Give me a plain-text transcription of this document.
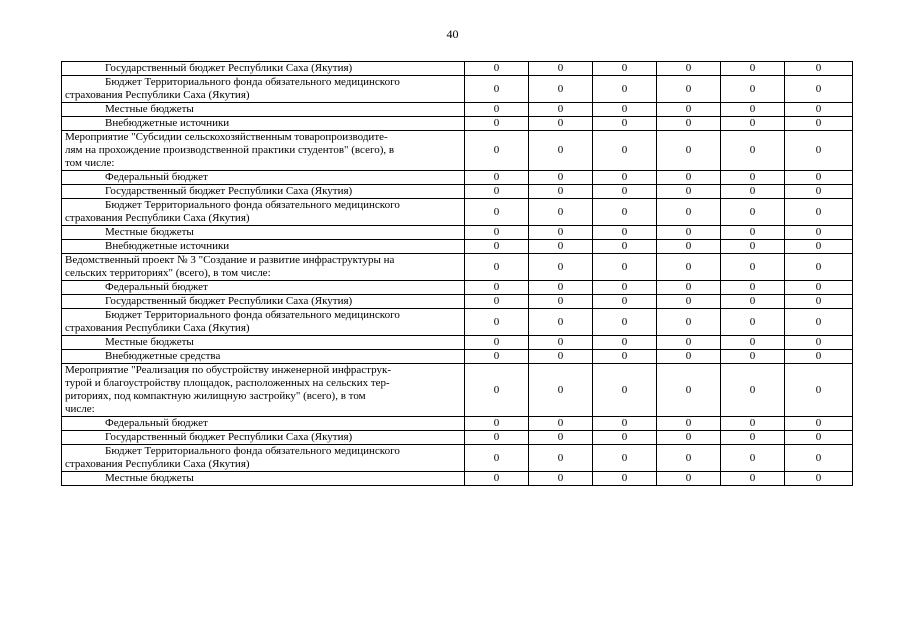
40
Государственный бюджет Республики Саха (Якутия)	0	0	0	0	0	0
Бюджет Территориального фонда обязательного медицинского
страхования Республики Саха (Якутия)	0	0	0	0	0	0
Местные бюджеты	0	0	0	0	0	0
Внебюджетные источники	0	0	0	0	0	0
Мероприятие "Субсидии сельскохозяйственным товаропроизводите-
лям на прохождение производственной практики студентов" (всего), в
том числе:	0	0	0	0	0	0
Федеральный бюджет	0	0	0	0	0	0
Государственный бюджет Республики Саха (Якутия)	0	0	0	0	0	0
Бюджет Территориального фонда обязательного медицинского
страхования Республики Саха (Якутия)	0	0	0	0	0	0
Местные бюджеты	0	0	0	0	0	0
Внебюджетные источники	0	0	0	0	0	0
Ведомственный проект № 3 "Создание и развитие инфраструктуры на
сельских территориях" (всего), в том числе:	0	0	0	0	0	0
Федеральный бюджет	0	0	0	0	0	0
Государственный бюджет Республики Саха (Якутия)	0	0	0	0	0	0
Бюджет Территориального фонда обязательного медицинского
страхования Республики Саха (Якутия)	0	0	0	0	0	0
Местные бюджеты	0	0	0	0	0	0
Внебюджетные средства	0	0	0	0	0	0
Мероприятие "Реализация по обустройству инженерной инфраструк-
турой и благоустройству площадок, расположенных на сельских тер-
риториях, под компактную жилищную застройку" (всего), в том
числе:	0	0	0	0	0	0
Федеральный бюджет	0	0	0	0	0	0
Государственный бюджет Республики Саха (Якутия)	0	0	0	0	0	0
Бюджет Территориального фонда обязательного медицинского
страхования Республики Саха (Якутия)	0	0	0	0	0	0
Местные бюджеты	0	0	0	0	0	0
